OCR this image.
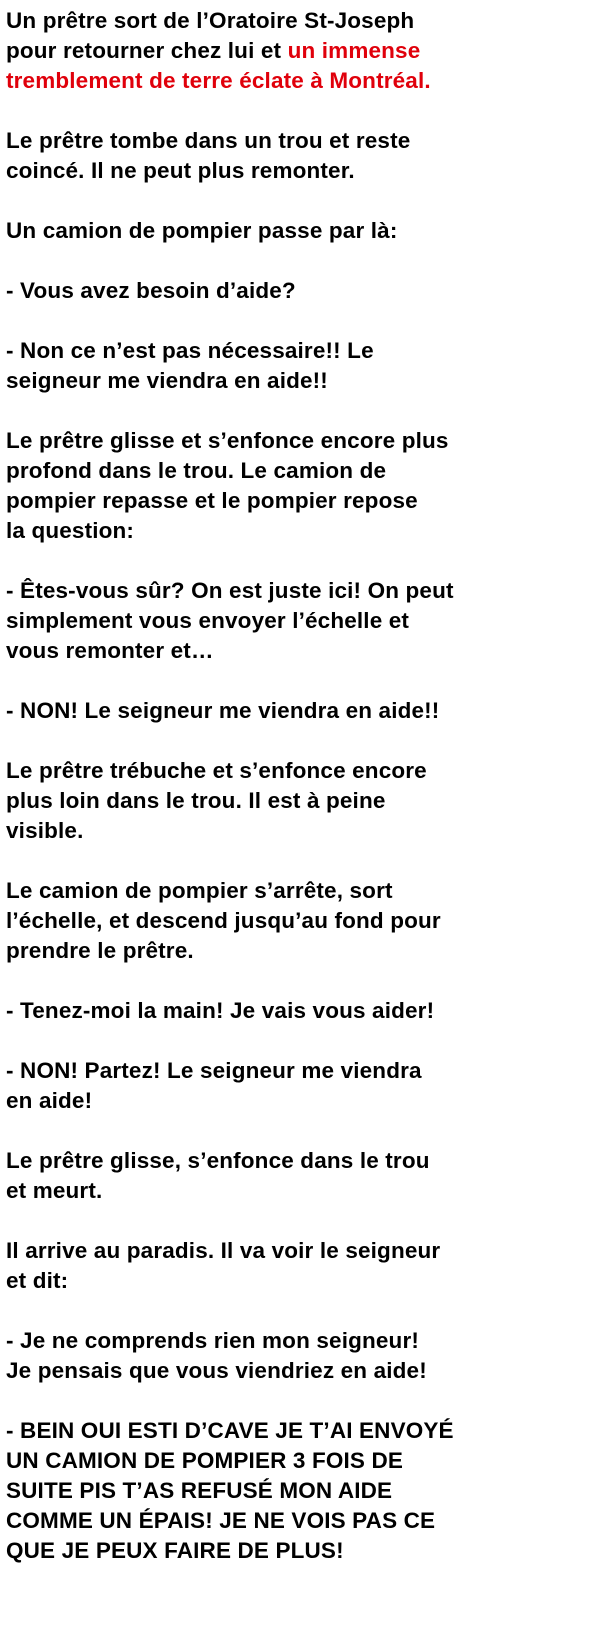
Un prêtre sort de l’Oratoire St-Joseph
pour retourner chez lui et un immense
tremblement de terre éclate à Montréal.

Le prêtre tombe dans un trou et reste
coincé. Il ne peut plus remonter.

Un camion de pompier passe par là:

- Vous avez besoin d’aide?

- Non ce n’est pas nécessaire!! Le
seigneur me viendra en aide!!

Le prêtre glisse et s’enfonce encore plus
profond dans le trou. Le camion de
pompier repasse et le pompier repose
la question:

- Êtes-vous sûr? On est juste ici! On peut
simplement vous envoyer l’échelle et
vous remonter et…

- NON! Le seigneur me viendra en aide!!

Le prêtre trébuche et s’enfonce encore
plus loin dans le trou. Il est à peine
visible.

Le camion de pompier s’arrête, sort
l’échelle, et descend jusqu’au fond pour
prendre le prêtre.

- Tenez-moi la main! Je vais vous aider!

- NON! Partez! Le seigneur me viendra
en aide!

Le prêtre glisse, s’enfonce dans le trou
et meurt.

Il arrive au paradis. Il va voir le seigneur
et dit:

- Je ne comprends rien mon seigneur!
Je pensais que vous viendriez en aide!

- BEIN OUI ESTI D’CAVE JE T’AI ENVOYÉ
UN CAMION DE POMPIER 3 FOIS DE
SUITE PIS T’AS REFUSÉ MON AIDE
COMME UN ÉPAIS! JE NE VOIS PAS CE
QUE JE PEUX FAIRE DE PLUS!
